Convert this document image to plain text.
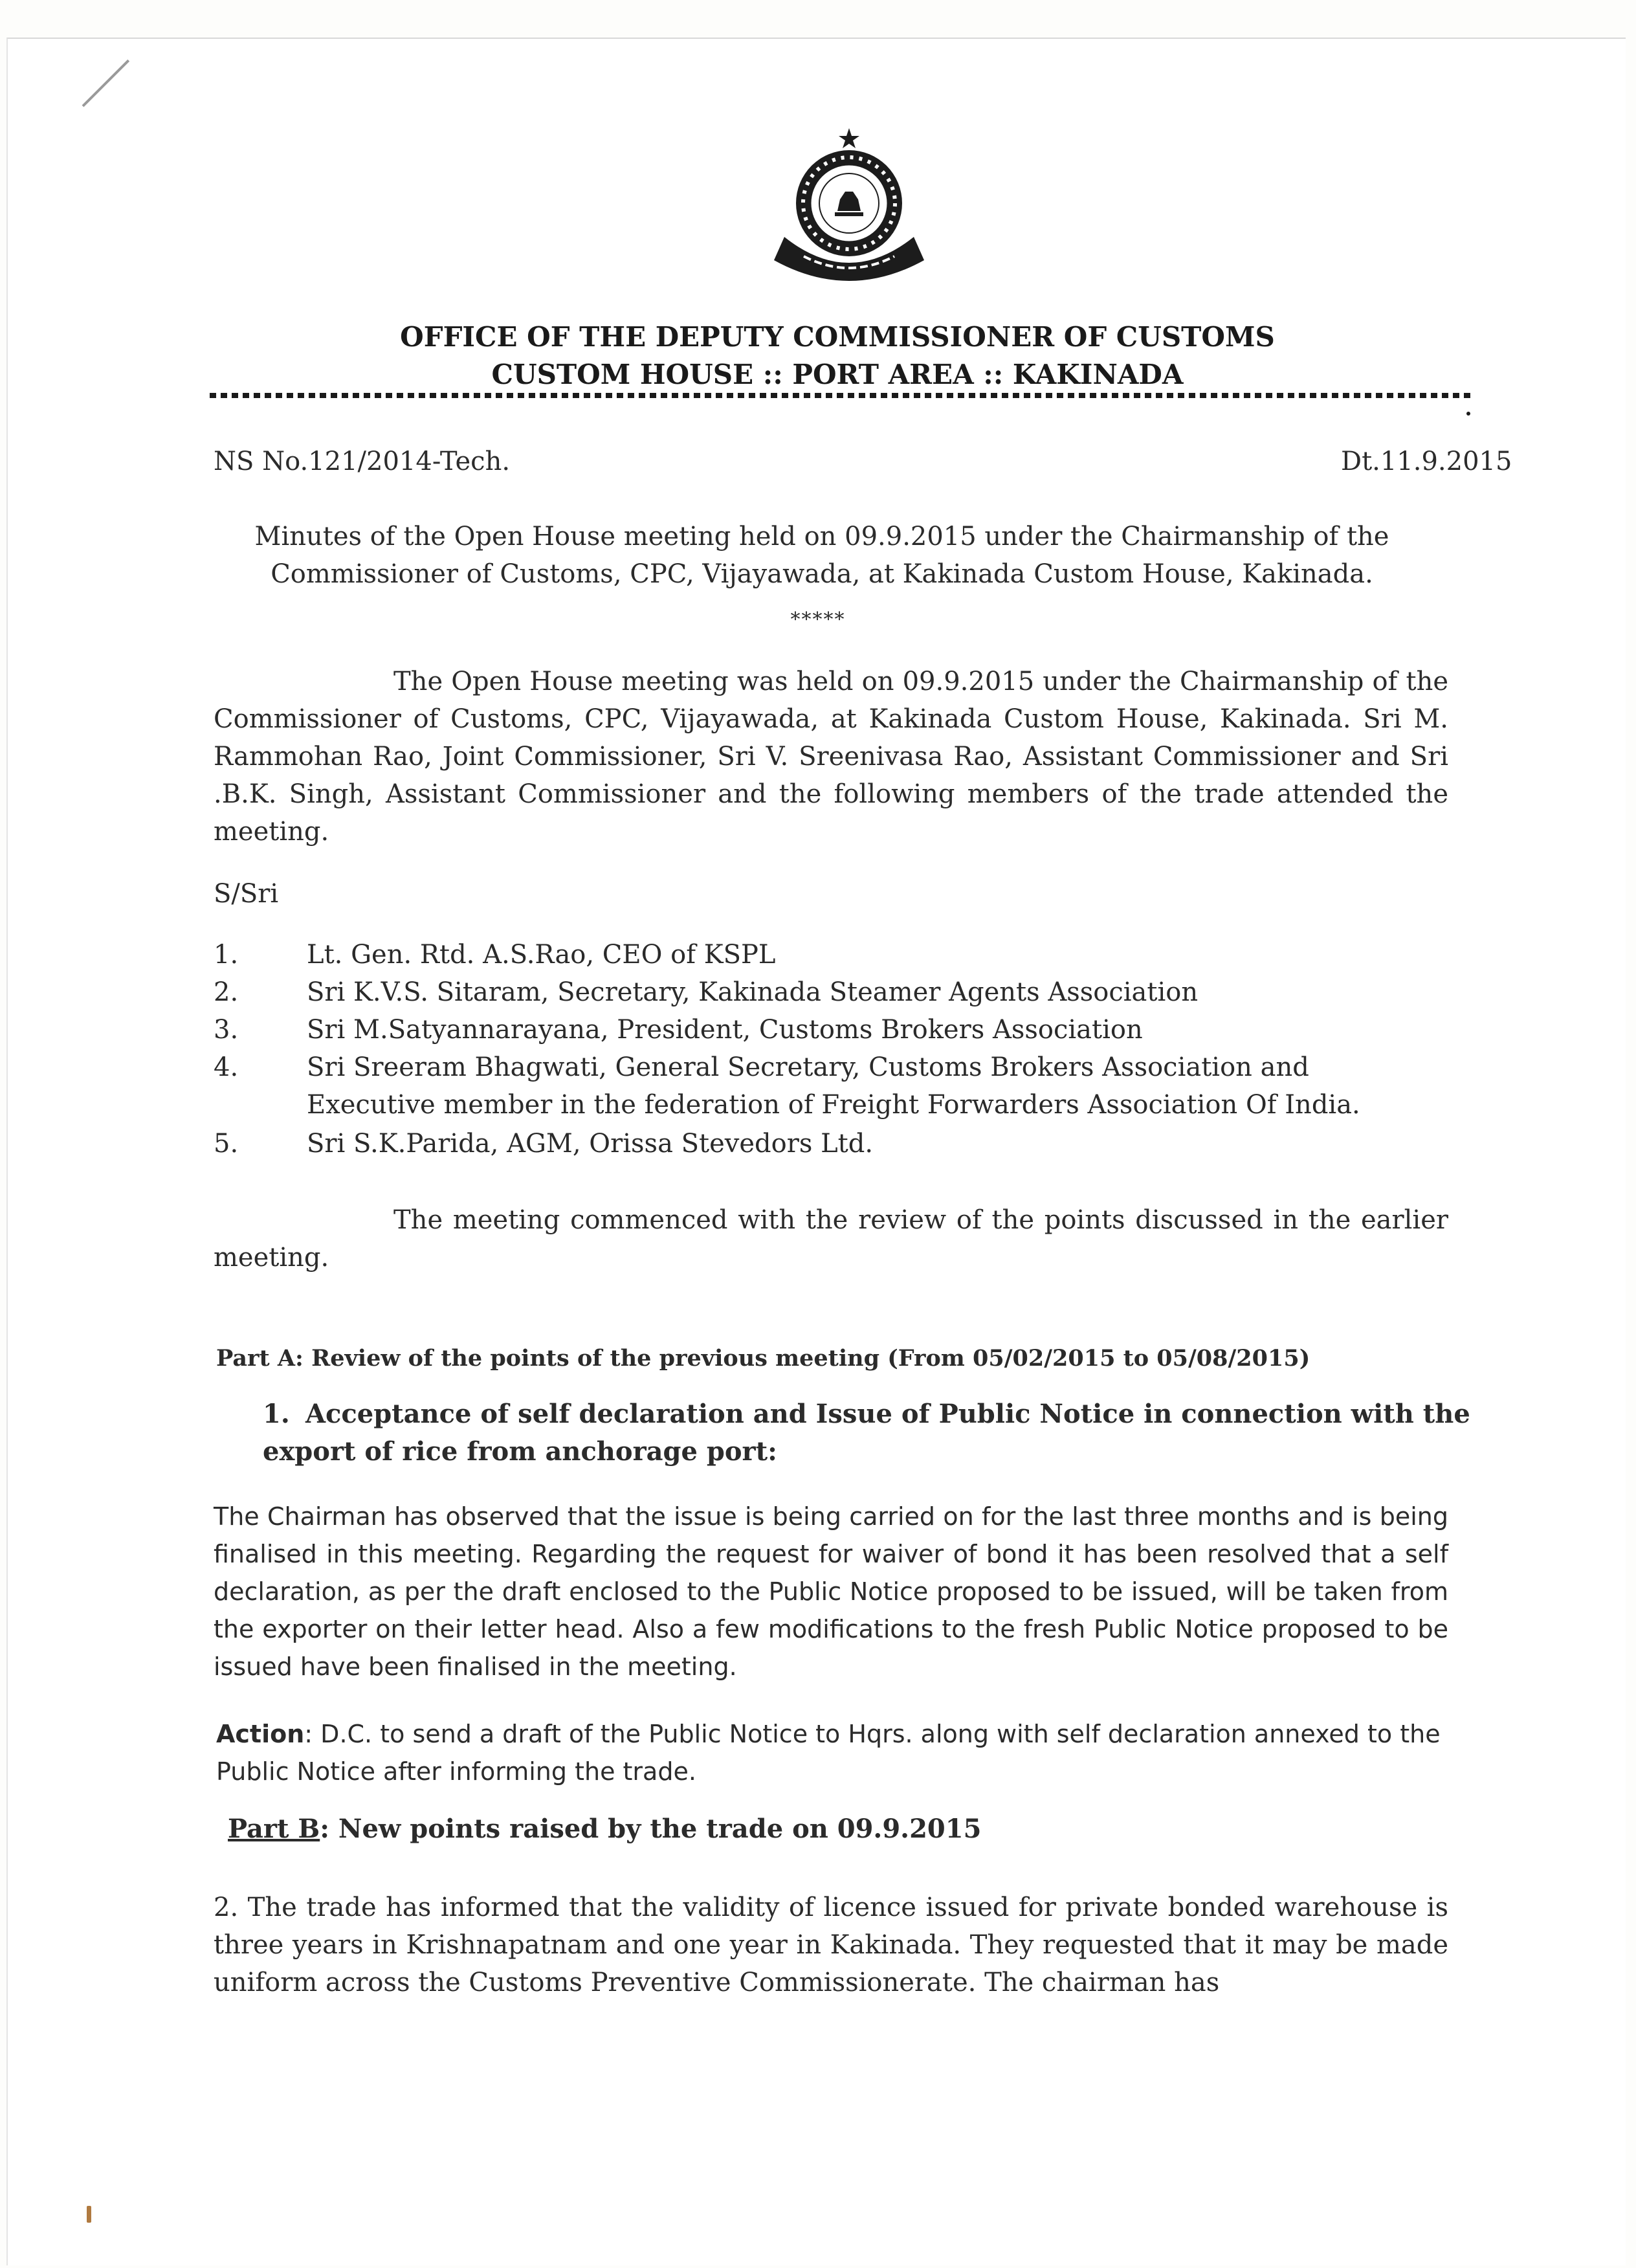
OFFICE OF THE DEPUTY COMMISSIONER OF CUSTOMS
CUSTOM HOUSE :: PORT AREA :: KAKINADA
NS No.121/2014-Tech.	Dt.11.9.2015
Minutes of the Open House meeting held on 09.9.2015 under the Chairmanship of the Commissioner of Customs, CPC, Vijayawada, at Kakinada Custom House, Kakinada.
*****
The Open House meeting was held on 09.9.2015 under the Chairmanship of the Commissioner of Customs, CPC, Vijayawada, at Kakinada Custom House, Kakinada. Sri M. Rammohan Rao, Joint Commissioner, Sri V. Sreenivasa Rao, Assistant Commissioner and Sri .B.K. Singh, Assistant Commissioner and the following members of the trade attended the meeting.
S/Sri
1.	Lt. Gen. Rtd. A.S.Rao, CEO of KSPL
2.	Sri K.V.S. Sitaram, Secretary, Kakinada Steamer Agents Association
3.	Sri M.Satyannarayana, President, Customs Brokers Association
4.	Sri Sreeram Bhagwati, General Secretary, Customs Brokers Association and
Executive member in the federation of Freight Forwarders Association Of India.
5.	Sri S.K.Parida, AGM, Orissa Stevedors Ltd.
The meeting commenced with the review of the points discussed in the earlier meeting.
Part A: Review of the points of the previous meeting (From 05/02/2015 to 05/08/2015)
1. Acceptance of self declaration and Issue of Public Notice in connection with the export of rice from anchorage port:
The Chairman has observed that the issue is being carried on for the last three months and is being finalised in this meeting. Regarding the request for waiver of bond it has been resolved that a self declaration, as per the draft enclosed to the Public Notice proposed to be issued, will be taken from the exporter on their letter head. Also a few modifications to the fresh Public Notice proposed to be issued have been finalised in the meeting.
Action: D.C. to send a draft of the Public Notice to Hqrs. along with self declaration annexed to the Public Notice after informing the trade.
Part B: New points raised by the trade on 09.9.2015
2. The trade has informed that the validity of licence issued for private bonded warehouse is three years in Krishnapatnam and one year in Kakinada. They requested that it may be made uniform across the Customs Preventive Commissionerate. The chairman has
